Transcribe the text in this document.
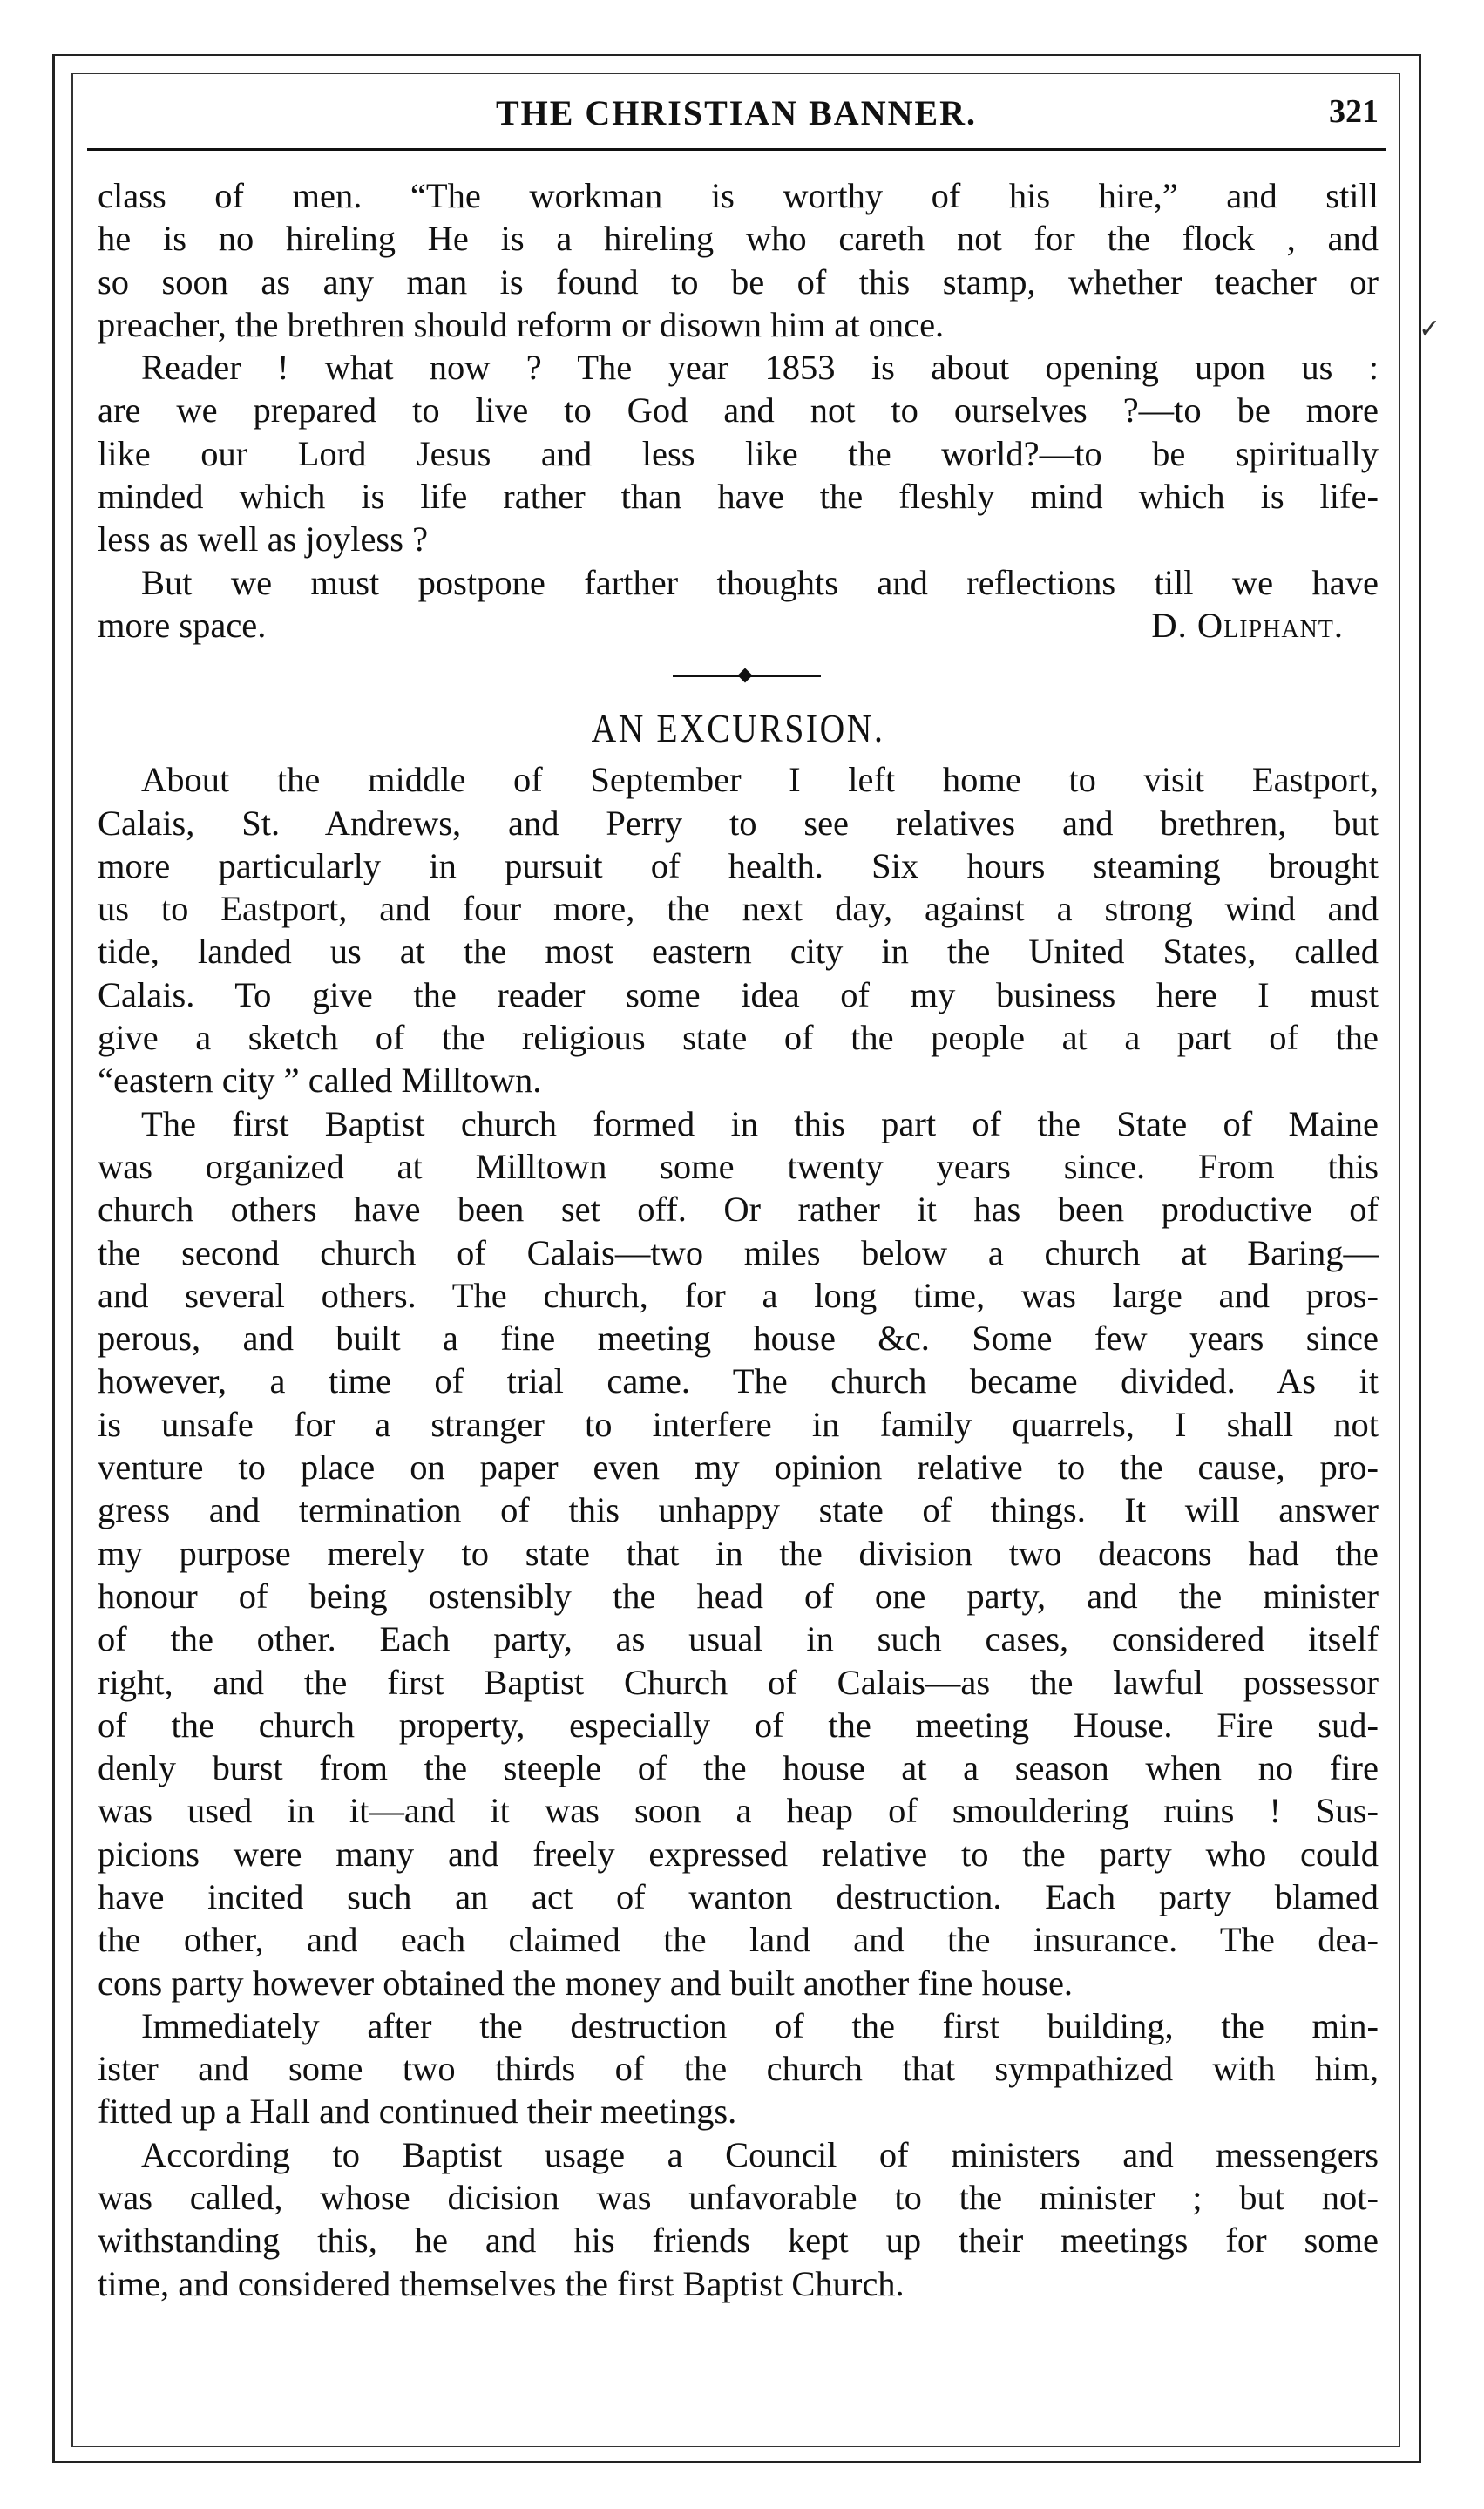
THE CHRISTIAN BANNER.	321

class of men. “The workman is worthy of his hire,” and still
he is no hireling He is a hireling who careth not for the flock , and
so soon as any man is found to be of this stamp, whether teacher or
preacher, the brethren should reform or disown him at once.

Reader ! what now ? The year 1853 is about opening upon us :
are we prepared to live to God and not to ourselves ?—to be more
like our Lord Jesus and less like the world?—to be spiritually
minded which is life rather than have the fleshly mind which is life-
less as well as joyless ?

But we must postpone farther thoughts and reflections till we have
more space.	D. Oliphant.

AN EXCURSION.

About the middle of September I left home to visit Eastport,
Calais, St. Andrews, and Perry to see relatives and brethren, but
more particularly in pursuit of health. Six hours steaming brought
us to Eastport, and four more, the next day, against a strong wind and
tide, landed us at the most eastern city in the United States, called
Calais. To give the reader some idea of my business here I must
give a sketch of the religious state of the people at a part of the
“eastern city ” called Milltown.

The first Baptist church formed in this part of the State of Maine
was organized at Milltown some twenty years since. From this
church others have been set off. Or rather it has been productive of
the second church of Calais—two miles below a church at Baring—
and several others. The church, for a long time, was large and pros-
perous, and built a fine meeting house &c. Some few years since
however, a time of trial came. The church became divided. As it
is unsafe for a stranger to interfere in family quarrels, I shall not
venture to place on paper even my opinion relative to the cause, pro-
gress and termination of this unhappy state of things. It will answer
my purpose merely to state that in the division two deacons had the
honour of being ostensibly the head of one party, and the minister
of the other. Each party, as usual in such cases, considered itself
right, and the first Baptist Church of Calais—as the lawful possessor
of the church property, especially of the meeting House. Fire sud-
denly burst from the steeple of the house at a season when no fire
was used in it—and it was soon a heap of smouldering ruins ! Sus-
picions were many and freely expressed relative to the party who could
have incited such an act of wanton destruction. Each party blamed
the other, and each claimed the land and the insurance. The dea-
cons party however obtained the money and built another fine house.

Immediately after the destruction of the first building, the min-
ister and some two thirds of the church that sympathized with him,
fitted up a Hall and continued their meetings.

According to Baptist usage a Council of ministers and messengers
was called, whose dicision was unfavorable to the minister ; but not-
withstanding this, he and his friends kept up their meetings for some
time, and considered themselves the first Baptist Church.

✓
